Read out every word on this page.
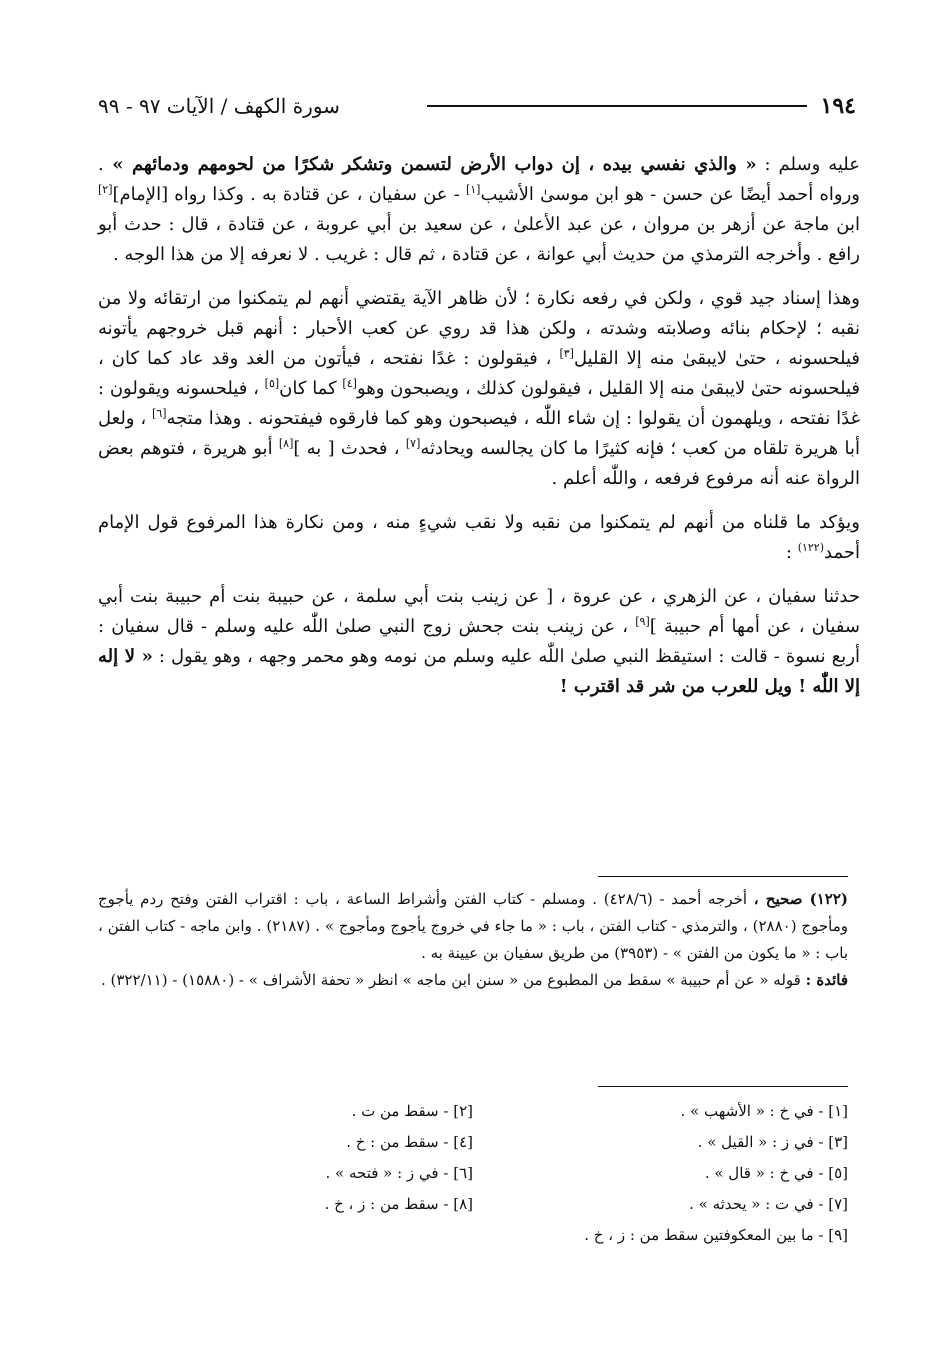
١٩٤
سورة الكهف / الآيات ٩٧ - ٩٩

عليه وسلم : « والذي نفسي بيده ، إن دواب الأرض لتسمن وتشكر شكرًا من لحومهم ودمائهم » . ورواه أحمد أيضًا عن حسن - هو ابن موسىٰ الأشيب[١] - عن سفيان ، عن قتادة به . وكذا رواه [الإمام][٢] ابن ماجة عن أزهر بن مروان ، عن عبد الأعلىٰ ، عن سعيد بن أبي عروبة ، عن قتادة ، قال : حدث أبو رافع . وأخرجه الترمذي من حديث أبي عوانة ، عن قتادة ، ثم قال : غريب . لا نعرفه إلا من هذا الوجه .

وهذا إسناد جيد قوي ، ولكن في رفعه نكارة ؛ لأن ظاهر الآية يقتضي أنهم لم يتمكنوا من ارتقائه ولا من نقبه ؛ لإحكام بنائه وصلابته وشدته ، ولكن هذا قد روي عن كعب الأحبار : أنهم قبل خروجهم يأتونه فيلحسونه ، حتىٰ لايبقىٰ منه إلا القليل[٣] ، فيقولون : غدًا نفتحه ، فيأتون من الغد وقد عاد كما كان ، فيلحسونه حتىٰ لايبقىٰ منه إلا القليل ، فيقولون كذلك ، ويصبحون وهو[٤] كما كان[٥] ، فيلحسونه ويقولون : غدًا نفتحه ، ويلهمون أن يقولوا : إن شاء اللّٰه ، فيصبحون وهو كما فارقوه فيفتحونه . وهذا متجه[٦] ، ولعل أبا هريرة تلقاه من كعب ؛ فإنه كثيرًا ما كان يجالسه ويحادثه[٧] ، فحدث [ به ][٨] أبو هريرة ، فتوهم بعض الرواة عنه أنه مرفوع فرفعه ، واللّٰه أعلم .

ويؤكد ما قلناه من أنهم لم يتمكنوا من نقبه ولا نقب شيءٍ منه ، ومن نكارة هذا المرفوع قول الإمام أحمد$^{(١٢٢)}$ :

حدثنا سفيان ، عن الزهري ، عن عروة ، [ عن زينب بنت أبي سلمة ، عن حبيبة بنت أم حبيبة بنت أبي سفيان ، عن أمها أم حبيبة ][٩] ، عن زينب بنت جحش زوج النبي صلىٰ اللّٰه عليه وسلم - قال سفيان : أربع نسوة - قالت : استيقظ النبي صلىٰ اللّٰه عليه وسلم من نومه وهو محمر وجهه ، وهو يقول : « لا إله إلا اللّٰه ! ويل للعرب من شر قد اقترب !

(١٢٢) صحيح ، أخرجه أحمد - (٤٢٨/٦) . ومسلم - كتاب الفتن وأشراط الساعة ، باب : اقتراب الفتن وفتح ردم يأجوج ومأجوج (٢٨٨٠) ، والترمذي - كتاب الفتن ، باب : « ما جاء في خروج يأجوج ومأجوج » . (٢١٨٧) . وابن ماجه - كتاب الفتن ، باب : « ما يكون من الفتن » - (٣٩٥٣) من طريق سفيان بن عيينة به .

فائدة : قوله « عن أم حبيبة » سقط من المطبوع من « سنن ابن ماجه » انظر « تحفة الأشراف » - (١٥٨٨٠) - (٣٢٢/١١) .

[١] - في خ : « الأشهب » .
[٢] - سقط من ت .
[٣] - في ز : « القيل » .
[٤] - سقط من : خ .
[٥] - في خ : « قال » .
[٦] - في ز : « فتحه » .
[٧] - في ت : « يحدثه » .
[٨] - سقط من : ز ، خ .
[٩] - ما بين المعكوفتين سقط من : ز ، خ .
